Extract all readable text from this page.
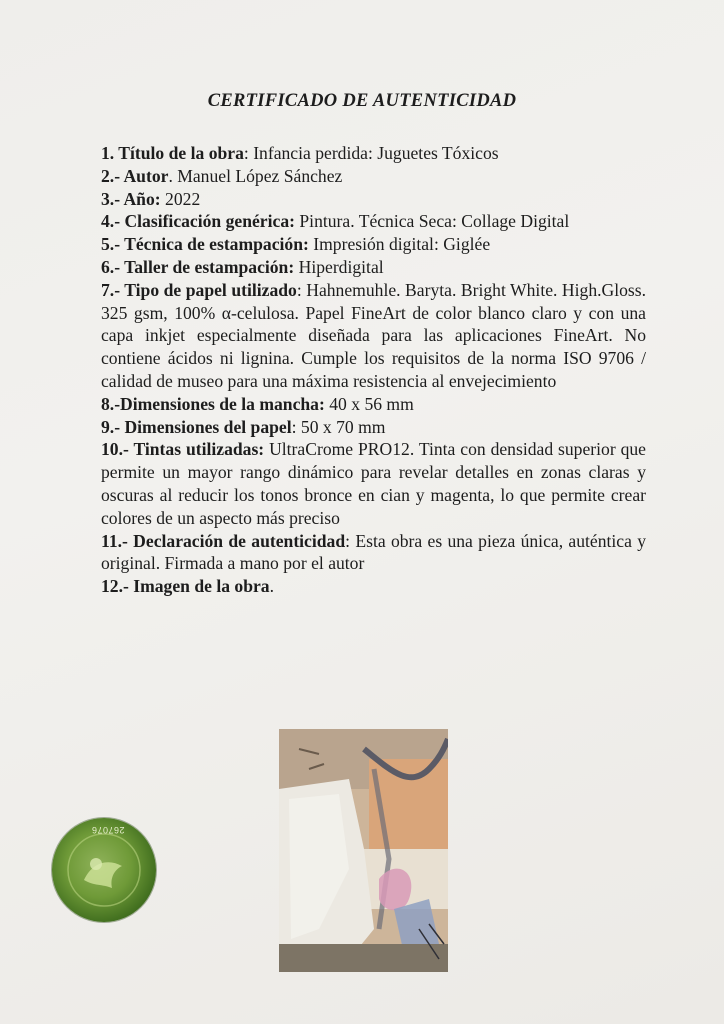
CERTIFICADO DE AUTENTICIDAD

1. Título de la obra: Infancia perdida: Juguetes Tóxicos

2.- Autor. Manuel López Sánchez

3.- Año: 2022

4.- Clasificación genérica: Pintura. Técnica Seca: Collage Digital

5.- Técnica de estampación: Impresión digital: Giglée

6.- Taller de estampación: Hiperdigital

7.- Tipo de papel utilizado: Hahnemuhle. Baryta. Bright White. High.Gloss. 325 gsm, 100% α-celulosa. Papel FineArt de color blanco claro y con una capa inkjet especialmente diseñada para las aplicaciones FineArt. No contiene ácidos ni lignina. Cumple los requisitos de la norma ISO 9706 / calidad de museo para una máxima resistencia al envejecimiento

8.-Dimensiones de la mancha: 40 x 56 mm

9.- Dimensiones del papel: 50 x 70 mm

10.- Tintas utilizadas: UltraCrome PRO12. Tinta con densidad superior que permite un mayor rango dinámico para revelar detalles en zonas claras y oscuras al reducir los tonos bronce en cian y magenta, lo que permite crear colores de un aspecto más preciso

11.- Declaración de autenticidad: Esta obra es una pieza única, auténtica y original. Firmada a mano por el autor

12.- Imagen de la obra.

267076
